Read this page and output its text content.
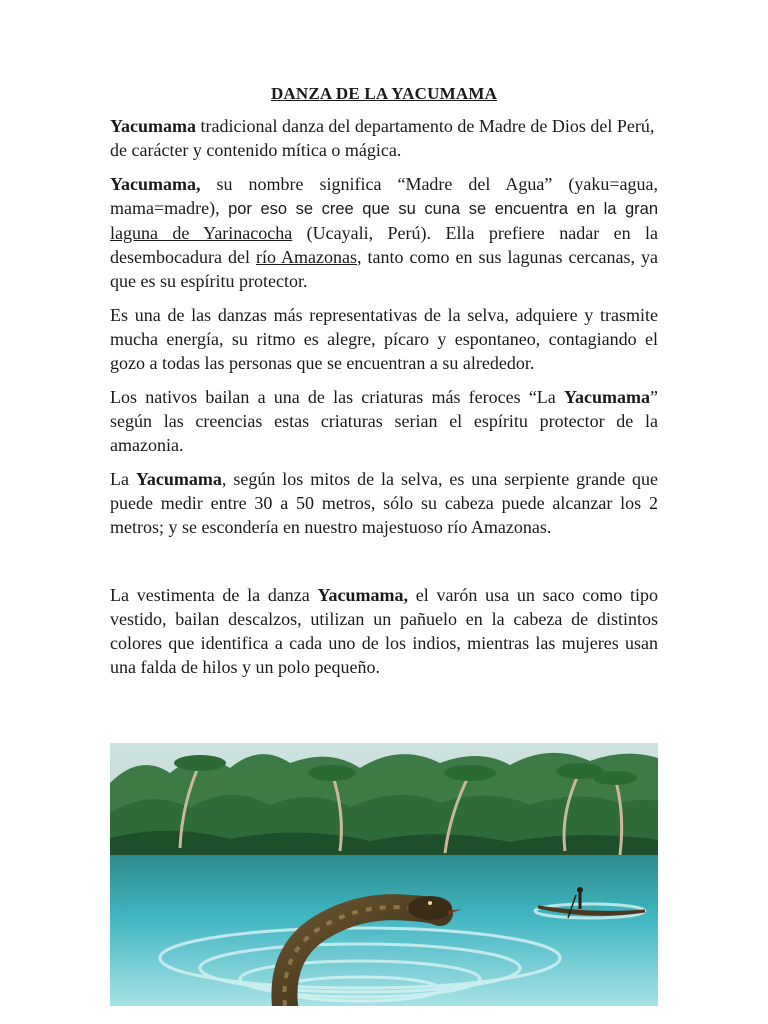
DANZA DE LA YACUMAMA

Yacumama tradicional danza del departamento de Madre de Dios del Perú, de carácter y contenido mítica o mágica.

Yacumama, su nombre significa “Madre del Agua” (yaku=agua, mama=madre), por eso se cree que su cuna se encuentra en la gran laguna de Yarinacocha (Ucayali, Perú). Ella prefiere nadar en la desembocadura del río Amazonas, tanto como en sus lagunas cercanas, ya que es su espíritu protector.

Es una de las danzas más representativas de la selva, adquiere y trasmite mucha energía, su ritmo es alegre, pícaro y espontaneo, contagiando el gozo a todas las personas que se encuentran a su alrededor.

Los nativos bailan a una de las criaturas más feroces “La Yacumama” según las creencias estas criaturas serian el espíritu protector de la amazonia.

La Yacumama, según los mitos de la selva, es una serpiente grande que puede medir entre 30 a 50 metros, sólo su cabeza puede alcanzar los 2 metros; y se escondería en nuestro majestuoso río Amazonas.

La vestimenta de la danza Yacumama, el varón usa un saco como tipo vestido, bailan descalzos, utilizan un pañuelo en la cabeza de distintos colores que identifica a cada uno de los indios, mientras las mujeres usan una falda de hilos y un polo pequeño.
